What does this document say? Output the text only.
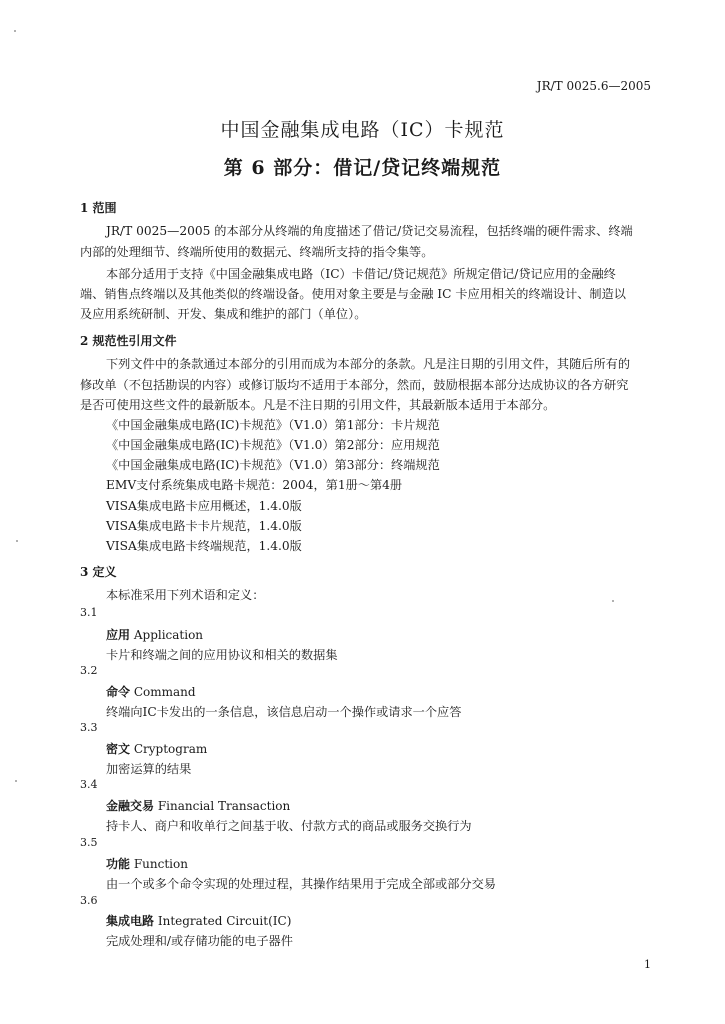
JR/T 0025.6—2005
中国金融集成电路（IC）卡规范
第 6 部分：借记/贷记终端规范
1 范围
JR/T 0025—2005 的本部分从终端的角度描述了借记/贷记交易流程，包括终端的硬件需求、终端
内部的处理细节、终端所使用的数据元、终端所支持的指令集等。
本部分适用于支持《中国金融集成电路（IC）卡借记/贷记规范》所规定借记/贷记应用的金融终
端、销售点终端以及其他类似的终端设备。使用对象主要是与金融 IC 卡应用相关的终端设计、制造以
及应用系统研制、开发、集成和维护的部门（单位）。
2 规范性引用文件
下列文件中的条款通过本部分的引用而成为本部分的条款。凡是注日期的引用文件，其随后所有的
修改单（不包括勘误的内容）或修订版均不适用于本部分，然而，鼓励根据本部分达成协议的各方研究
是否可使用这些文件的最新版本。凡是不注日期的引用文件，其最新版本适用于本部分。
《中国金融集成电路(IC)卡规范》（V1.0）第1部分：卡片规范
《中国金融集成电路(IC)卡规范》（V1.0）第2部分：应用规范
《中国金融集成电路(IC)卡规范》（V1.0）第3部分：终端规范
EMV支付系统集成电路卡规范：2004，第1册～第4册
VISA集成电路卡应用概述，1.4.0版
VISA集成电路卡卡片规范，1.4.0版
VISA集成电路卡终端规范，1.4.0版
3 定义
本标准采用下列术语和定义：
3.1
应用 Application
卡片和终端之间的应用协议和相关的数据集
3.2
命令 Command
终端向IC卡发出的一条信息，该信息启动一个操作或请求一个应答
3.3
密文 Cryptogram
加密运算的结果
3.4
金融交易 Financial Transaction
持卡人、商户和收单行之间基于收、付款方式的商品或服务交换行为
3.5
功能 Function
由一个或多个命令实现的处理过程，其操作结果用于完成全部或部分交易
3.6
集成电路 Integrated Circuit(IC)
完成处理和/或存储功能的电子器件
1
